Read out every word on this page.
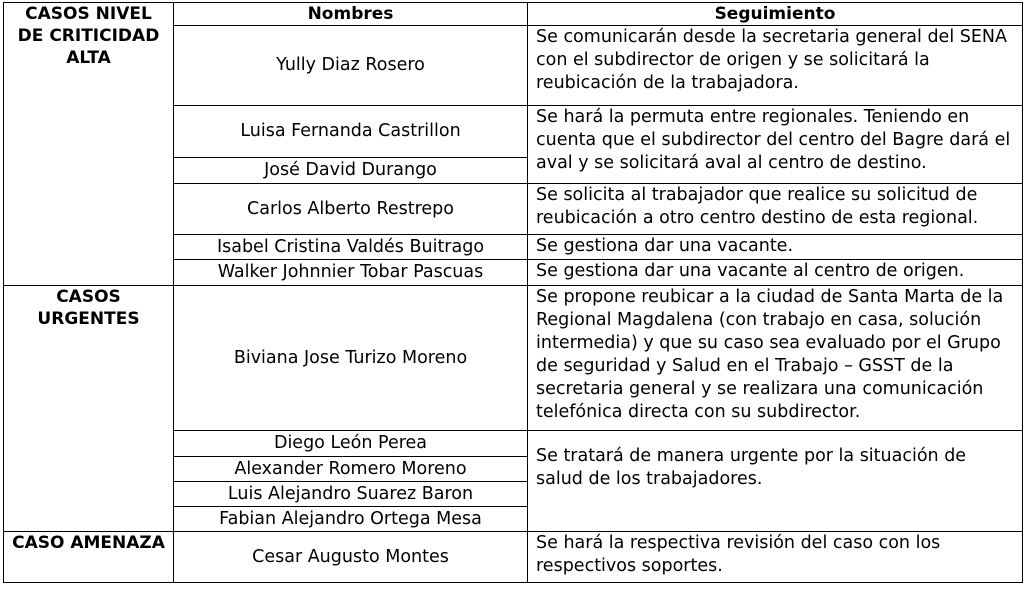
CASOS NIVEL DE CRITICIDAD ALTA	Nombres	Seguimiento
	Yully Diaz Rosero	Se comunicarán desde la secretaria general del SENA con el subdirector de origen y se solicitará la reubicación de la trabajadora.
	Luisa Fernanda Castrillon	Se hará la permuta entre regionales. Teniendo en cuenta que el subdirector del centro del Bagre dará el aval y se solicitará aval al centro de destino.
	José David Durango	
	Carlos Alberto Restrepo	Se solicita al trabajador que realice su solicitud de reubicación a otro centro destino de esta regional.
	Isabel Cristina Valdés Buitrago	Se gestiona dar una vacante.
	Walker Johnnier Tobar Pascuas	Se gestiona dar una vacante al centro de origen.
CASOS URGENTES	Biviana Jose Turizo Moreno	Se propone reubicar a la ciudad de Santa Marta de la Regional Magdalena (con trabajo en casa, solución intermedia) y que su caso sea evaluado por el Grupo de seguridad y Salud en el Trabajo – GSST de la secretaria general y se realizara una comunicación telefónica directa con su subdirector.
	Diego León Perea	Se tratará de manera urgente por la situación de salud de los trabajadores.
	Alexander Romero Moreno	
	Luis Alejandro Suarez Baron	
	Fabian Alejandro Ortega Mesa	
CASO AMENAZA	Cesar Augusto Montes	Se hará la respectiva revisión del caso con los respectivos soportes.
